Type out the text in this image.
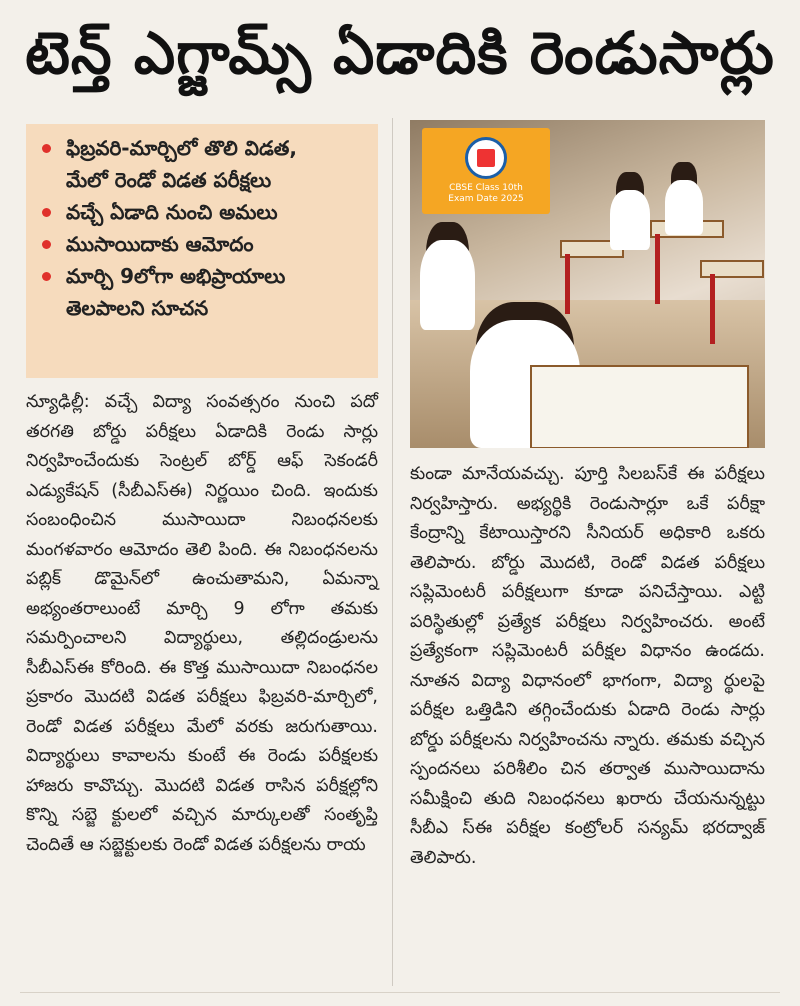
టెన్త్ ఎగ్జామ్స్ ఏడాదికి రెండుసార్లు
ఫిబ్రవరి-మార్చిలో తొలి విడత,
మేలో రెండో విడత పరీక్షలు
వచ్చే ఏడాది నుంచి అమలు
ముసాయిదాకు ఆమోదం
మార్చి 9లోగా అభిప్రాయాలు
తెలపాలని సూచన
CBSE Class 10th
Exam Date 2025

న్యూఢిల్లీ: వచ్చే విద్యా సంవత్సరం నుంచి పదో తరగతి బోర్డు పరీక్షలు ఏడాదికి రెండు సార్లు నిర్వహించేందుకు సెంట్రల్ బోర్డ్ ఆఫ్ సెకండరీ ఎడ్యుకేషన్ (సీబీఎస్ఈ) నిర్ణయిం చింది. ఇందుకు సంబంధించిన ముసాయిదా నిబంధనలకు మంగళవారం ఆమోదం తెలి పింది. ఈ నిబంధనలను పబ్లిక్ డొమైన్‌లో ఉంచుతామని, ఏమన్నా అభ్యంతరాలుంటే మార్చి 9 లోగా తమకు సమర్పించాలని విద్యార్థులు, తల్లిదండ్రులను సీబీఎస్ఈ కోరింది. ఈ కొత్త ముసాయిదా నిబంధనల ప్రకారం మొదటి విడత పరీక్షలు ఫిబ్రవరి-మార్చిలో, రెండో విడత పరీక్షలు మేలో వరకు జరుగుతాయి. విద్యార్థులు కావాలను కుంటే ఈ రెండు పరీక్షలకు హాజరు కావొచ్చు. మొదటి విడత రాసిన పరీక్షల్లోని కొన్ని సబ్జె క్టులలో వచ్చిన మార్కులతో సంతృప్తి చెందితే ఆ సబ్జెక్టులకు రెండో విడత పరీక్షలను రాయ

కుండా మానేయవచ్చు. పూర్తి సిలబస్‌కే ఈ పరీక్షలు నిర్వహిస్తారు. అభ్యర్థికి రెండుసార్లూ ఒకే పరీక్షా కేంద్రాన్ని కేటాయిస్తారని సీనియర్ అధికారి ఒకరు తెలిపారు. బోర్డు మొదటి, రెండో విడత పరీక్షలు సప్లిమెంటరీ పరీక్షలుగా కూడా పనిచేస్తాయి. ఎట్టి పరిస్థితుల్లో ప్రత్యేక పరీక్షలు నిర్వహించరు. అంటే ప్రత్యేకంగా సప్లిమెంటరీ పరీక్షల విధానం ఉండదు. నూతన విద్యా విధానంలో భాగంగా, విద్యా ర్థులపై పరీక్షల ఒత్తిడిని తగ్గించేందుకు ఏడాది రెండు సార్లు బోర్డు పరీక్షలను నిర్వహించను న్నారు. తమకు వచ్చిన స్పందనలు పరిశీలిం చిన తర్వాత ముసాయిదాను సమీక్షించి తుది నిబంధనలు ఖరారు చేయనున్నట్టు సీబీఎ స్ఈ పరీక్షల కంట్రోలర్ సన్యమ్ భరద్వాజ్ తెలిపారు.
